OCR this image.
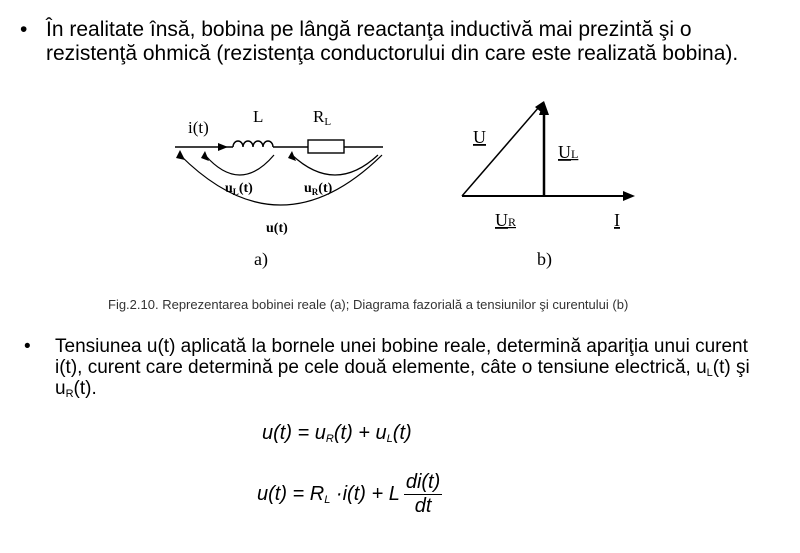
• În realitate însă, bobina pe lângă reactanţa inductivă mai prezintă şi o rezistenţă ohmică (rezistenţa conductorului din care este realizată bobina).
i(t)
L	RL
$u_L(t)$	$u_R(t)$
u(t)
a)
U
UL
UR	I
b)
Fig.2.10. Reprezentarea bobinei reale (a); Diagrama fazorială a tensiunilor şi curentului (b)
• Tensiunea u(t) aplicată la bornele unei bobine reale, determină apariţia unui curent i(t), curent care determină pe cele două elemente, câte o tensiune electrică, $u_L(t)$ şi $u_R(t)$.
$u(t) = u_R(t) + u_L(t)$
$u(t) = R_L \cdot i(t) + L \frac{di(t)}{dt}$
